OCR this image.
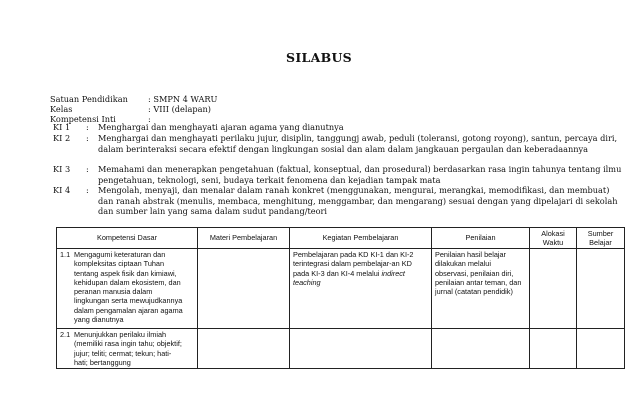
SILABUS
Satuan Pendidikan : SMPN 4 WARU
Kelas	: VIII (delapan)
Kompetensi Inti	:
KI 1 : Menghargai dan menghayati ajaran agama yang dianutnya
KI 2 : Menghargai dan menghayati perilaku jujur, disiplin, tanggungj awab, peduli (toleransi, gotong royong), santun, percaya diri, dalam berinteraksi secara efektif dengan lingkungan sosial dan alam dalam jangkauan pergaulan dan keberadaannya
KI 3 : Memahami dan menerapkan pengetahuan (faktual, konseptual, dan prosedural) berdasarkan rasa ingin tahunya tentang ilmu pengetahuan, teknologi, seni, budaya terkait fenomena dan kejadian tampak mata
KI 4 : Mengolah, menyaji, dan menalar dalam ranah konkret (menggunakan, mengurai, merangkai, memodifikasi, dan membuat) dan ranah abstrak (menulis, membaca, menghitung, menggambar, dan mengarang) sesuai dengan yang dipelajari di sekolah dan sumber lain yang sama dalam sudut pandang/teori
Kompetensi Dasar	Materi Pembelajaran	Kegiatan Pembelajaran	Penilaian	Alokasi Waktu	Sumber Belajar
1.1 Mengagumi keteraturan dan kompleksitas ciptaan Tuhan tentang aspek fisik dan kimiawi, kehidupan dalam ekosistem, dan peranan manusia dalam lingkungan serta mewujudkannya dalam pengamalan ajaran agama yang dianutnya		Pembelajaran pada KD KI-1 dan KI-2 terintegrasi dalam pembelajar-an KD pada KI-3 dan KI-4 melalui indirect teaching	Penilaian hasil belajar dilakukan melalui observasi, penilaian diri, penilaian antar teman, dan jurnal (catatan pendidik)		
2.1 Menunjukkan perilaku ilmiah (memiliki rasa ingin tahu; objektif; jujur; teliti; cermat; tekun; hati-hati; bertanggung					
